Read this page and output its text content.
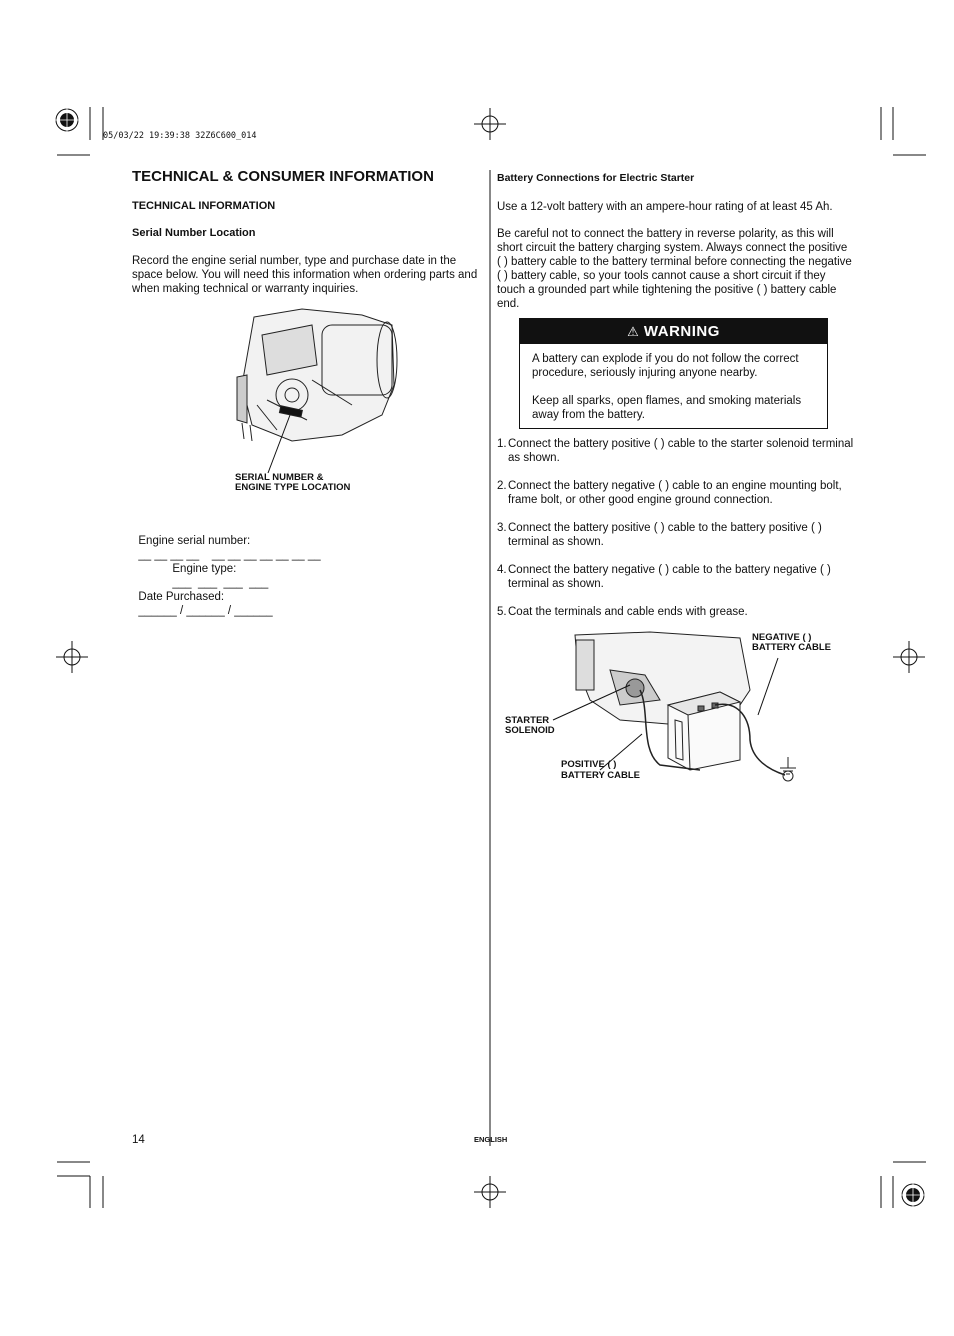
05/03/22 19:39:38 32Z6C600_014
TECHNICAL & CONSUMER INFORMATION
TECHNICAL INFORMATION
Serial Number Location
Record the engine serial number, type and purchase date in the space below. You will need this information when ordering parts and when making technical or warranty inquiries.
SERIAL NUMBER &
ENGINE TYPE LOCATION

Engine serial number:
__ __ __ __    __ __ __ __ __ __ __

Engine type:
___  ___  ___  ___

Date Purchased:
______ / ______ / ______

Battery Connections for Electric Starter
Use a 12-volt battery with an ampere-hour rating of at least 45 Ah.
Be careful not to connect the battery in reverse polarity, as this will short circuit the battery charging system. Always connect the positive ( ) battery cable to the battery terminal before connecting the negative ( ) battery cable, so your tools cannot cause a short circuit if they touch a grounded part while tightening the positive ( ) battery cable end.
⚠ WARNING

A battery can explode if you do not follow the correct procedure, seriously injuring anyone nearby.

Keep all sparks, open flames, and smoking materials away from the battery.

1. Connect the battery positive ( ) cable to the starter solenoid terminal as shown.
2. Connect the battery negative ( ) cable to an engine mounting bolt, frame bolt, or other good engine ground connection.
3. Connect the battery positive ( ) cable to the battery positive ( ) terminal as shown.
4. Connect the battery negative ( ) cable to the battery negative ( ) terminal as shown.
5. Coat the terminals and cable ends with grease.
NEGATIVE ( )
BATTERY CABLE
STARTER
SOLENOID
POSITIVE ( )
BATTERY CABLE
14	ENGLISH
